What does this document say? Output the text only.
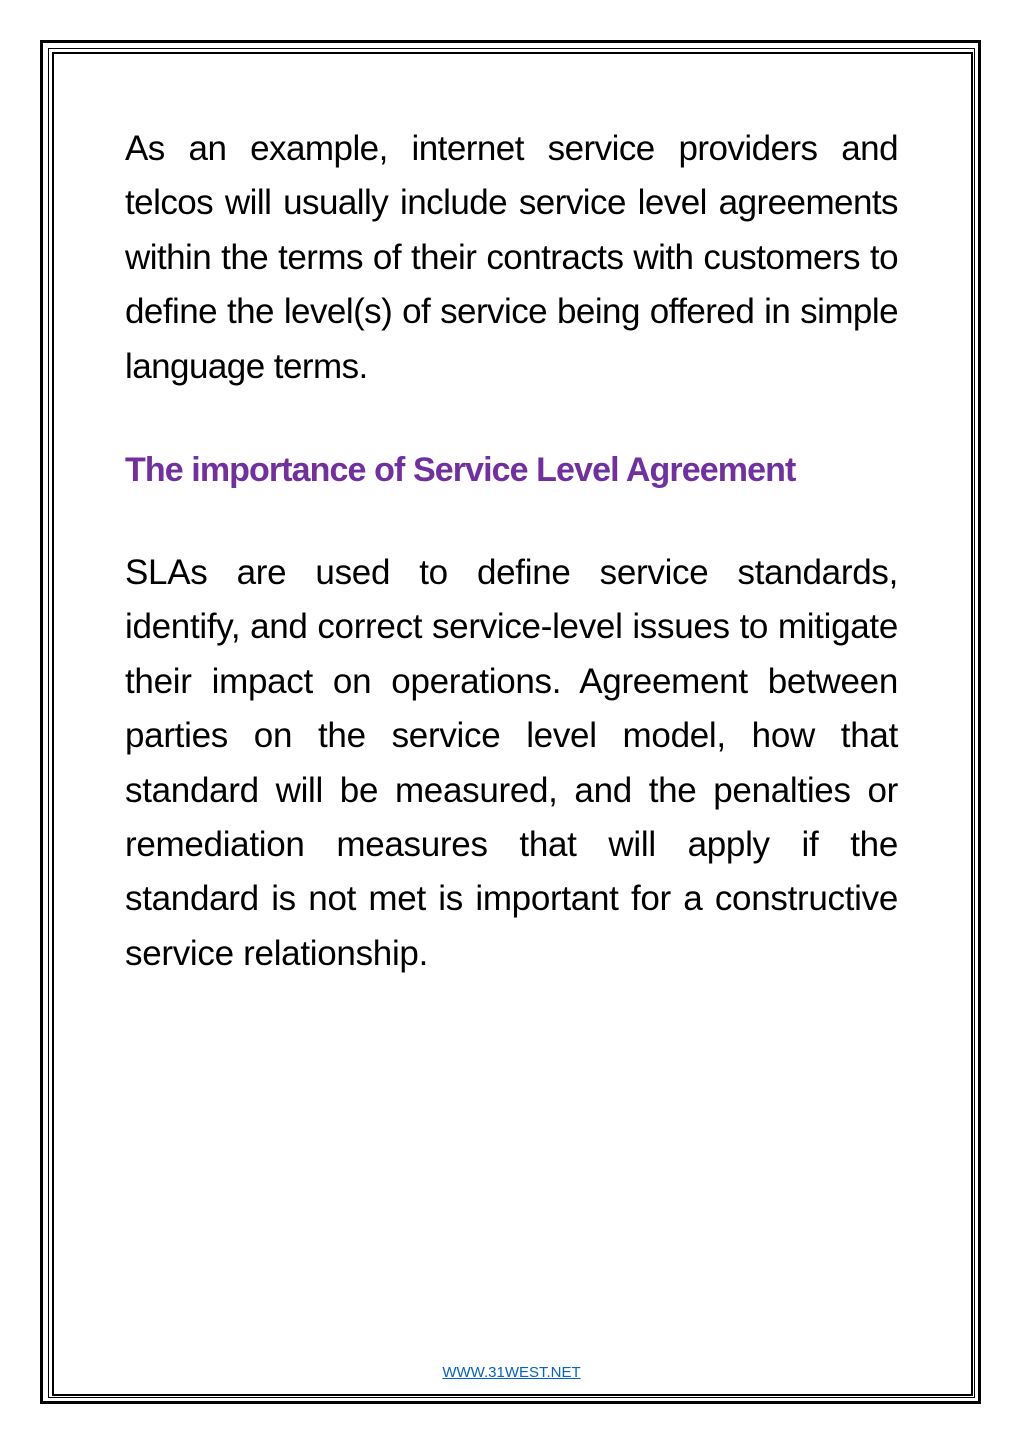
As an example, internet service providers and telcos will usually include service level agreements within the terms of their contracts with customers to define the level(s) of service being offered in simple language terms.

The importance of Service Level Agreement

SLAs are used to define service standards, identify, and correct service-level issues to mitigate their impact on operations. Agreement between parties on the service level model, how that standard will be measured, and the penalties or remediation measures that will apply if the standard is not met is important for a constructive service relationship.

WWW.31WEST.NET
